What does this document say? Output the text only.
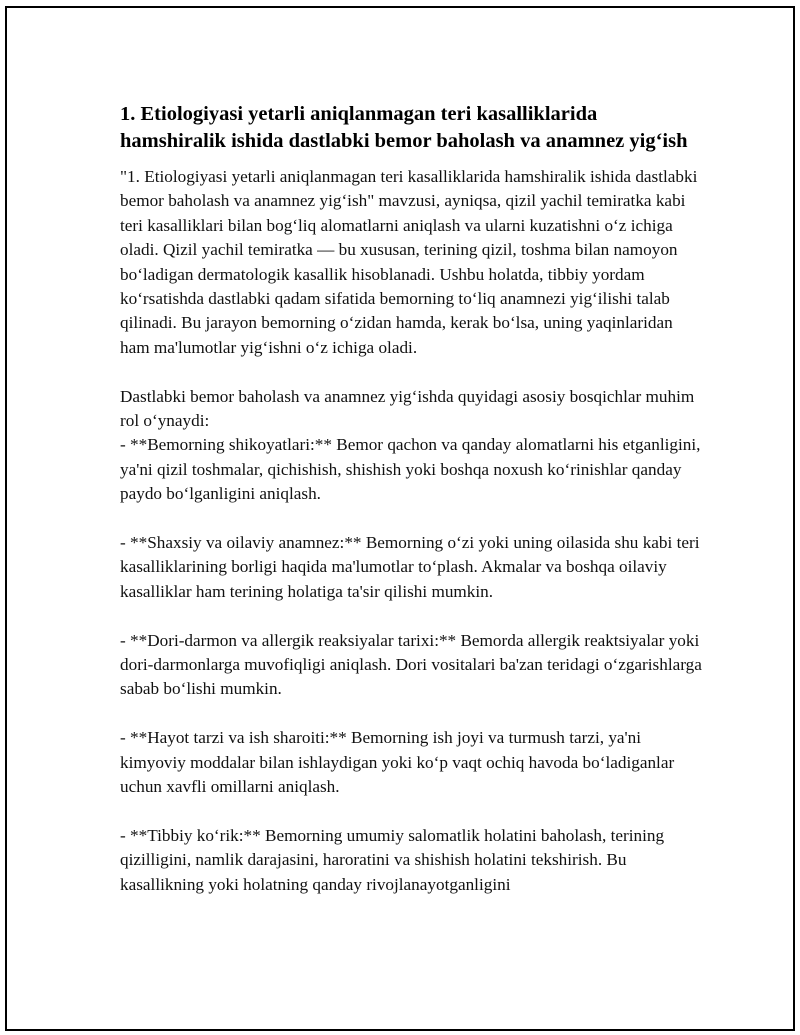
1. Etiologiyasi yetarli aniqlanmagan teri kasalliklarida hamshiralik ishida dastlabki bemor baholash va anamnez yig‘ish

"1. Etiologiyasi yetarli aniqlanmagan teri kasalliklarida hamshiralik ishida dastlabki bemor baholash va anamnez yig‘ish" mavzusi, ayniqsa, qizil yachil temiratka kabi teri kasalliklari bilan bog‘liq alomatlarni aniqlash va ularni kuzatishni o‘z ichiga oladi. Qizil yachil temiratka — bu xususan, terining qizil, toshma bilan namoyon bo‘ladigan dermatologik kasallik hisoblanadi. Ushbu holatda, tibbiy yordam ko‘rsatishda dastlabki qadam sifatida bemorning to‘liq anamnezi yig‘ilishi talab qilinadi. Bu jarayon bemorning o‘zidan hamda, kerak bo‘lsa, uning yaqinlaridan ham ma'lumotlar yig‘ishni o‘z ichiga oladi.

Dastlabki bemor baholash va anamnez yig‘ishda quyidagi asosiy bosqichlar muhim rol o‘ynaydi:

- **Bemorning shikoyatlari:** Bemor qachon va qanday alomatlarni his etganligini, ya'ni qizil toshmalar, qichishish, shishish yoki boshqa noxush ko‘rinishlar qanday paydo bo‘lganligini aniqlash.

- **Shaxsiy va oilaviy anamnez:** Bemorning o‘zi yoki uning oilasida shu kabi teri kasalliklarining borligi haqida ma'lumotlar to‘plash. Akmalar va boshqa oilaviy kasalliklar ham terining holatiga ta'sir qilishi mumkin.

- **Dori-darmon va allergik reaksiyalar tarixi:** Bemorda allergik reaktsiyalar yoki dori-darmonlarga muvofiqligi aniqlash. Dori vositalari ba'zan teridagi o‘zgarishlarga sabab bo‘lishi mumkin.

- **Hayot tarzi va ish sharoiti:** Bemorning ish joyi va turmush tarzi, ya'ni kimyoviy moddalar bilan ishlaydigan yoki ko‘p vaqt ochiq havoda bo‘ladiganlar uchun xavfli omillarni aniqlash.

- **Tibbiy ko‘rik:** Bemorning umumiy salomatlik holatini baholash, terining qizilligini, namlik darajasini, haroratini va shishish holatini tekshirish. Bu kasallikning yoki holatning qanday rivojlanayotganligini
